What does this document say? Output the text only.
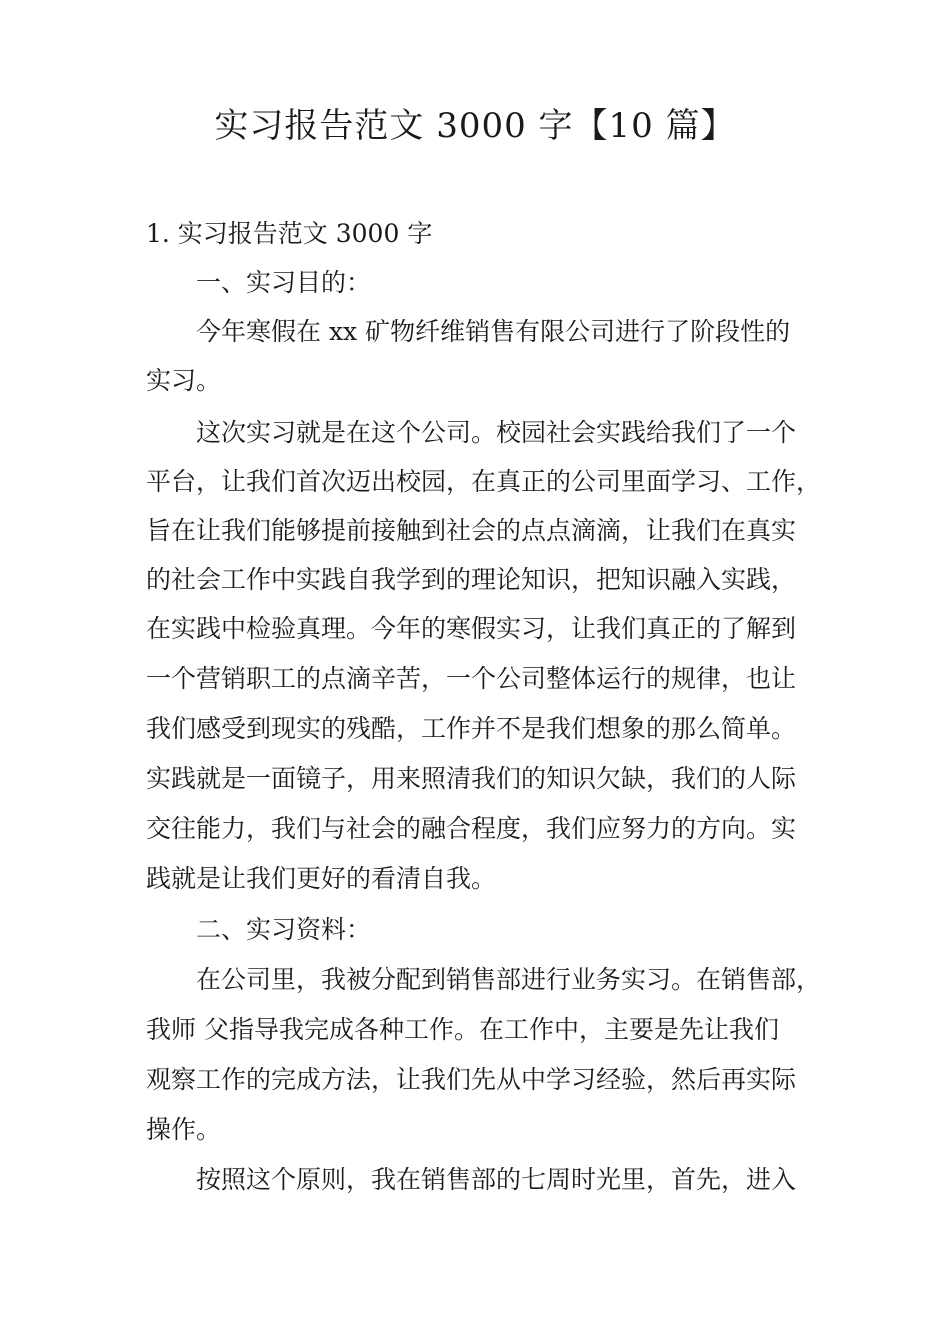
实习报告范文 3000 字【10 篇】

1. 实习报告范文 3000 字

一、实习目的：

今年寒假在 xx 矿物纤维销售有限公司进行了阶段性的

实习。

这次实习就是在这个公司。校园社会实践给我们了一个

平台，让我们首次迈出校园，在真正的公司里面学习、工作，

旨在让我们能够提前接触到社会的点点滴滴，让我们在真实

的社会工作中实践自我学到的理论知识，把知识融入实践，

在实践中检验真理。今年的寒假实习，让我们真正的了解到

一个营销职工的点滴辛苦，一个公司整体运行的规律，也让

我们感受到现实的残酷，工作并不是我们想象的那么简单。

实践就是一面镜子，用来照清我们的知识欠缺，我们的人际

交往能力，我们与社会的融合程度，我们应努力的方向。实

践就是让我们更好的看清自我。

二、实习资料：

在公司里，我被分配到销售部进行业务实习。在销售部，

我师 父指导我完成各种工作。在工作中，主要是先让我们

观察工作的完成方法，让我们先从中学习经验，然后再实际

操作。

按照这个原则，我在销售部的七周时光里，首先，进入
